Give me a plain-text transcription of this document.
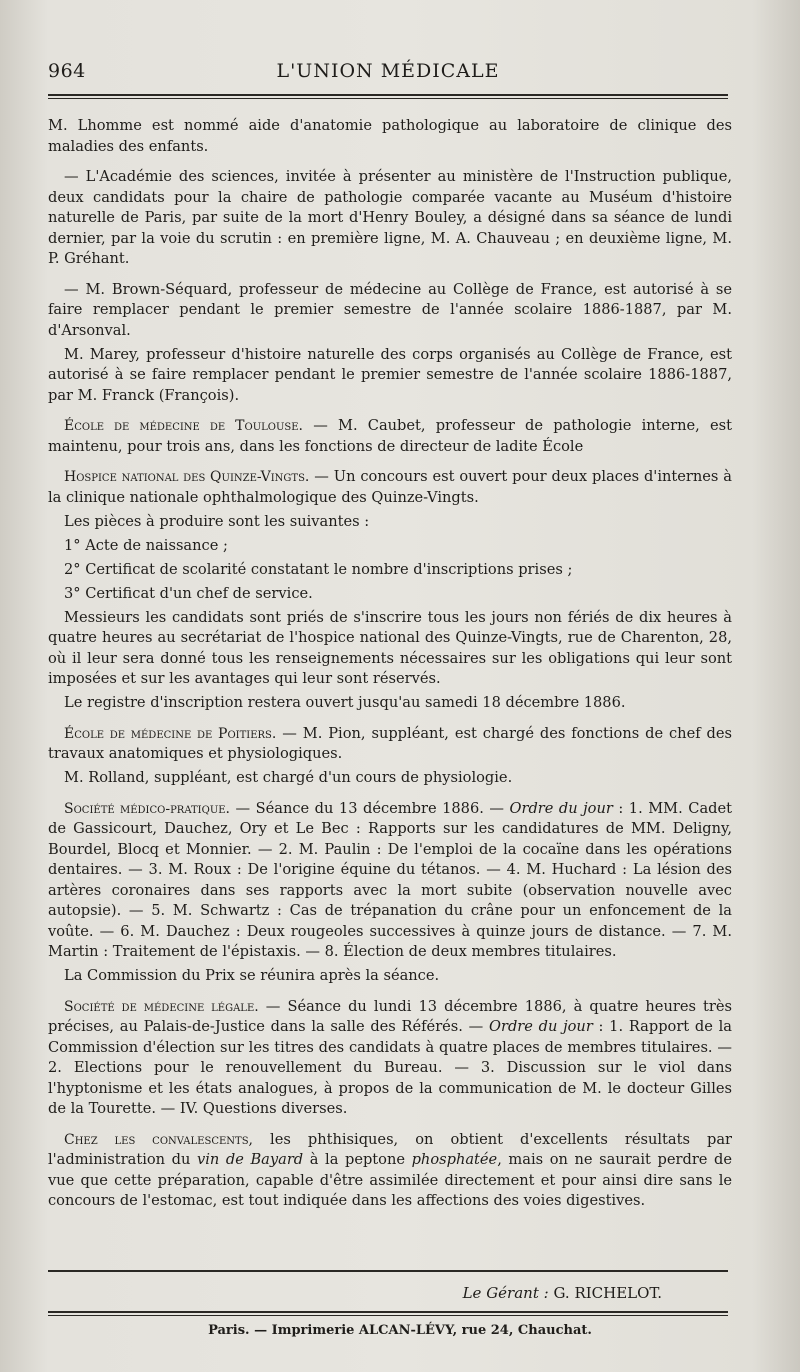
964	L'UNION MÉDICALE

M. Lhomme est nommé aide d'anatomie pathologique au laboratoire de clinique des maladies des enfants.

— L'Académie des sciences, invitée à présenter au ministère de l'Instruction publique, deux candidats pour la chaire de pathologie comparée vacante au Muséum d'histoire naturelle de Paris, par suite de la mort d'Henry Bouley, a désigné dans sa séance de lundi dernier, par la voie du scrutin : en première ligne, M. A. Chauveau ; en deuxième ligne, M. P. Gréhant.

— M. Brown-Séquard, professeur de médecine au Collège de France, est autorisé à se faire remplacer pendant le premier semestre de l'année scolaire 1886-1887, par M. d'Arsonval.

M. Marey, professeur d'histoire naturelle des corps organisés au Collège de France, est autorisé à se faire remplacer pendant le premier semestre de l'année scolaire 1886-1887, par M. Franck (François).

École de médecine de Toulouse. — M. Caubet, professeur de pathologie interne, est maintenu, pour trois ans, dans les fonctions de directeur de ladite École

Hospice national des Quinze-Vingts. — Un concours est ouvert pour deux places d'internes à la clinique nationale ophthalmologique des Quinze-Vingts.

Les pièces à produire sont les suivantes :

1° Acte de naissance ;

2° Certificat de scolarité constatant le nombre d'inscriptions prises ;

3° Certificat d'un chef de service.

Messieurs les candidats sont priés de s'inscrire tous les jours non fériés de dix heures à quatre heures au secrétariat de l'hospice national des Quinze-Vingts, rue de Charenton, 28, où il leur sera donné tous les renseignements nécessaires sur les obligations qui leur sont imposées et sur les avantages qui leur sont réservés.

Le registre d'inscription restera ouvert jusqu'au samedi 18 décembre 1886.

École de médecine de Poitiers. — M. Pion, suppléant, est chargé des fonctions de chef des travaux anatomiques et physiologiques.

M. Rolland, suppléant, est chargé d'un cours de physiologie.

Société médico-pratique. — Séance du 13 décembre 1886. — Ordre du jour : 1. MM. Cadet de Gassicourt, Dauchez, Ory et Le Bec : Rapports sur les candidatures de MM. Deligny, Bourdel, Blocq et Monnier. — 2. M. Paulin : De l'emploi de la cocaïne dans les opérations dentaires. — 3. M. Roux : De l'origine équine du tétanos. — 4. M. Huchard : La lésion des artères coronaires dans ses rapports avec la mort subite (observation nouvelle avec autopsie). — 5. M. Schwartz : Cas de trépanation du crâne pour un enfoncement de la voûte. — 6. M. Dauchez : Deux rougeoles successives à quinze jours de distance. — 7. M. Martin : Traitement de l'épistaxis. — 8. Élection de deux membres titulaires.

La Commission du Prix se réunira après la séance.

Société de médecine légale. — Séance du lundi 13 décembre 1886, à quatre heures très précises, au Palais-de-Justice dans la salle des Référés. — Ordre du jour : 1. Rapport de la Commission d'élection sur les titres des candidats à quatre places de membres titulaires. — 2. Elections pour le renouvellement du Bureau. — 3. Discussion sur le viol dans l'hyptonisme et les états analogues, à propos de la communication de M. le docteur Gilles de la Tourette. — IV. Questions diverses.

Chez les convalescents, les phthisiques, on obtient d'excellents résultats par l'administration du vin de Bayard à la peptone phosphatée, mais on ne saurait perdre de vue que cette préparation, capable d'être assimilée directement et pour ainsi dire sans le concours de l'estomac, est tout indiquée dans les affections des voies digestives.

Le Gérant : G. RICHELOT.
Paris. — Imprimerie ALCAN-LÉVY, rue 24, Chauchat.
